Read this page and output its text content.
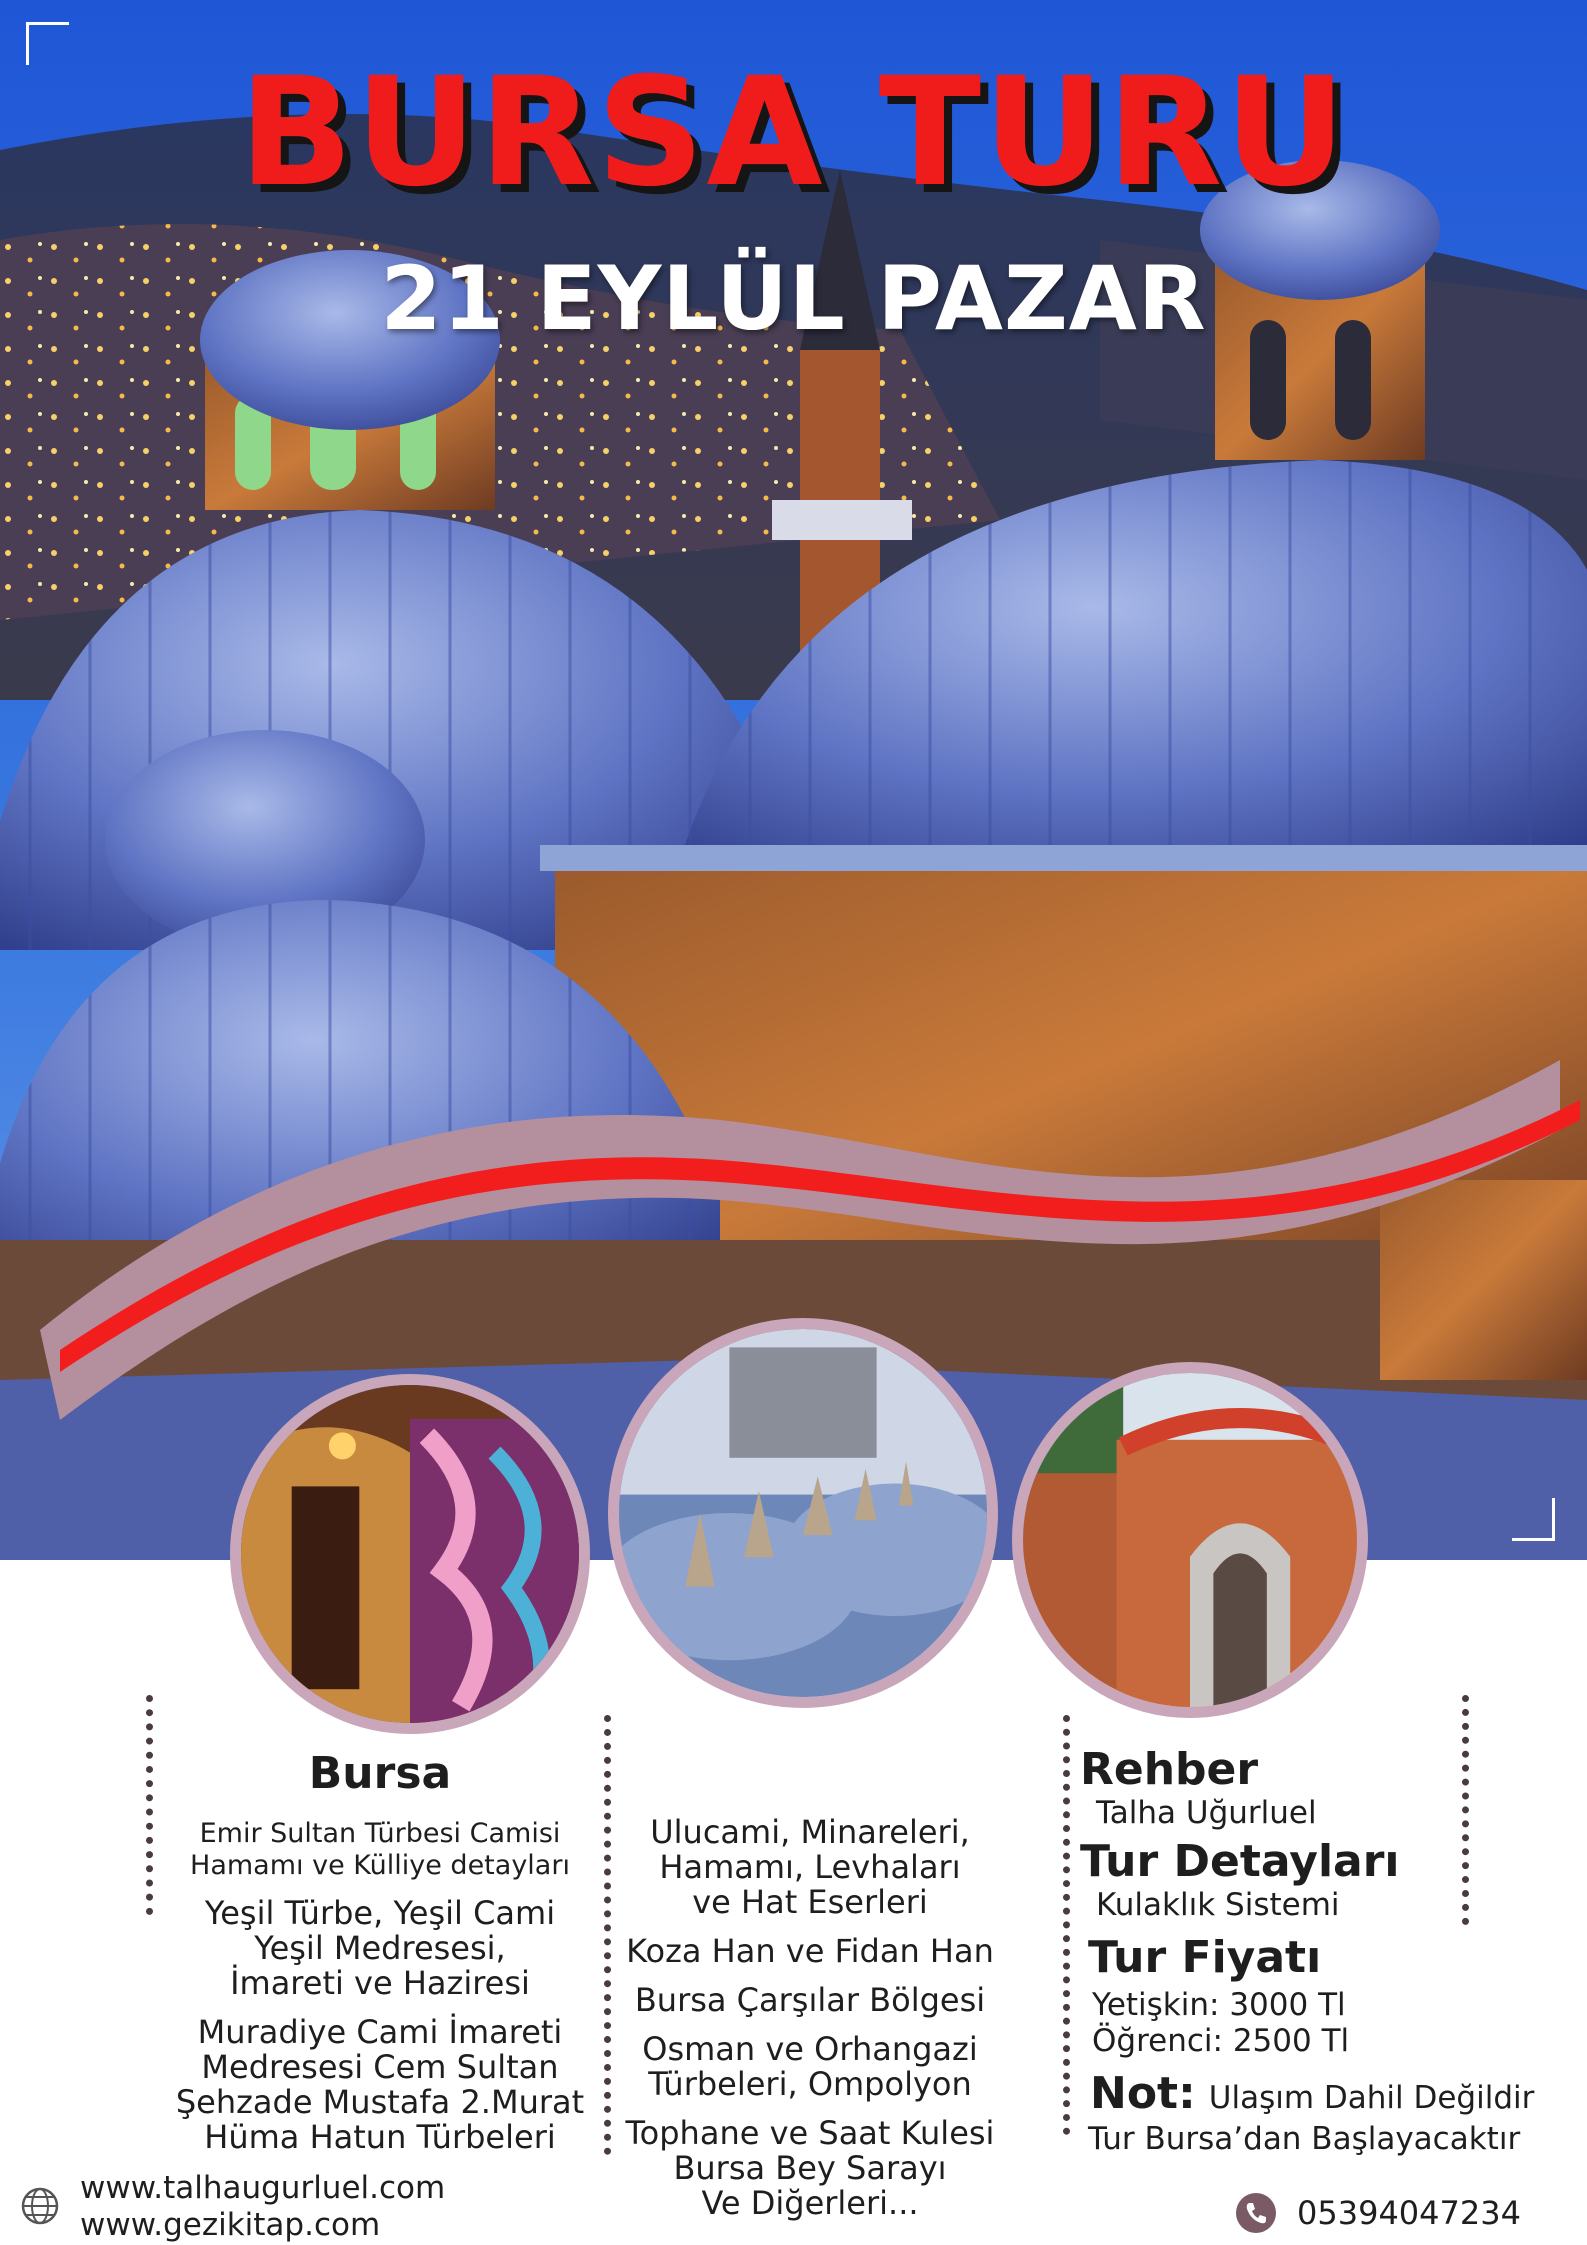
BURSA TURU
21 EYLÜL PAZAR
Bursa
Emir Sultan Türbesi Camisi
Hamamı ve Külliye detayları
Yeşil Türbe, Yeşil Cami
Yeşil Medresesi,
İmareti ve Haziresi
Muradiye Cami İmareti
Medresesi Cem Sultan
Şehzade Mustafa 2.Murat
Hüma Hatun Türbeleri
Ulucami, Minareleri,
Hamamı, Levhaları
ve Hat Eserleri
Koza Han ve Fidan Han
Bursa Çarşılar Bölgesi
Osman ve Orhangazi
Türbeleri, Ompolyon
Tophane ve Saat Kulesi
Bursa Bey Sarayı
Ve Diğerleri...
Rehber
Talha Uğurluel
Tur Detayları
Kulaklık Sistemi
Tur Fiyatı
Yetişkin: 3000 Tl
Öğrenci: 2500 Tl
Not: Ulaşım Dahil Değildir
Tur Bursa’dan Başlayacaktır
www.talhaugurluel.com
www.gezikitap.com	05394047234
